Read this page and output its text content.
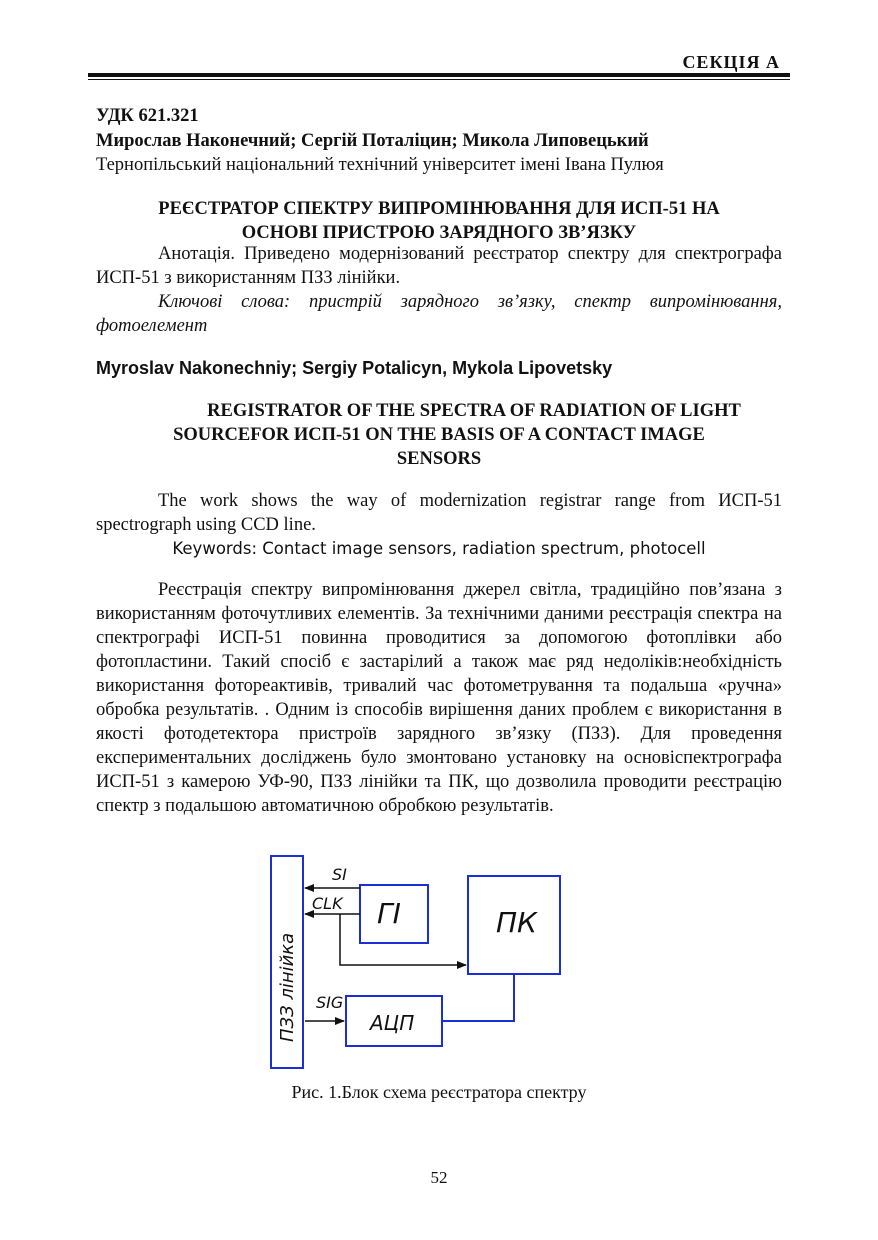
СЕКЦІЯ А
УДК 621.321
Мирослав Наконечний; Сергій Поталіцин; Микола Липовецький
Тернопільський національний технічний університет імені Івана Пулюя
РЕЄСТРАТОР СПЕКТРУ ВИПРОМІНЮВАННЯ ДЛЯ ИСП-51 НА
ОСНОВІ ПРИСТРОЮ ЗАРЯДНОГО ЗВ’ЯЗКУ
Анотація. Приведено модернізований реєстратор спектру для спектрографа ИСП-51 з використанням ПЗЗ лінійки.
Ключові слова: пристрій зарядного зв’язку, спектр випромінювання, фотоелемент
Myroslav Nakonechniy; Sergiy Potalicyn, Mykola Lipovetsky
REGISTRATOR OF THE SPECTRA OF RADIATION OF LIGHT
SOURCEFOR ИСП-51 ON THE BASIS OF A CONTACT IMAGE
SENSORS
The work shows the way of modernization registrar range from ИСП-51 spectrograph using CCD line.
Keywords: Contact image sensors, radiation spectrum, photocell
Реєстрація спектру випромінювання джерел світла, традиційно пов’язана з використанням фоточутливих елементів. За технічними даними реєстрація спектра на спектрографі ИСП-51 повинна проводитися за допомогою фотоплівки або фотопластини. Такий спосіб є застарілий а також має ряд недоліків:необхідність використання фотореактивів, тривалий час фотометрування та подальша «ручна» обробка результатів. . Одним із способів вирішення даних проблем є використання в якості фотодетектора пристроїв зарядного зв’язку (ПЗЗ). Для проведення експериментальних досліджень було змонтовано установку на основіспектрографа ИСП-51 з камерою УФ-90, ПЗЗ лінійки та ПК, що дозволила проводити реєстрацію спектр з подальшою автоматичною обробкою результатів.
ПЗЗ лінійка
ГІ	ПК
АЦП
SI
CLK
SIG
Рис. 1.Блок схема реєстратора спектру
52
